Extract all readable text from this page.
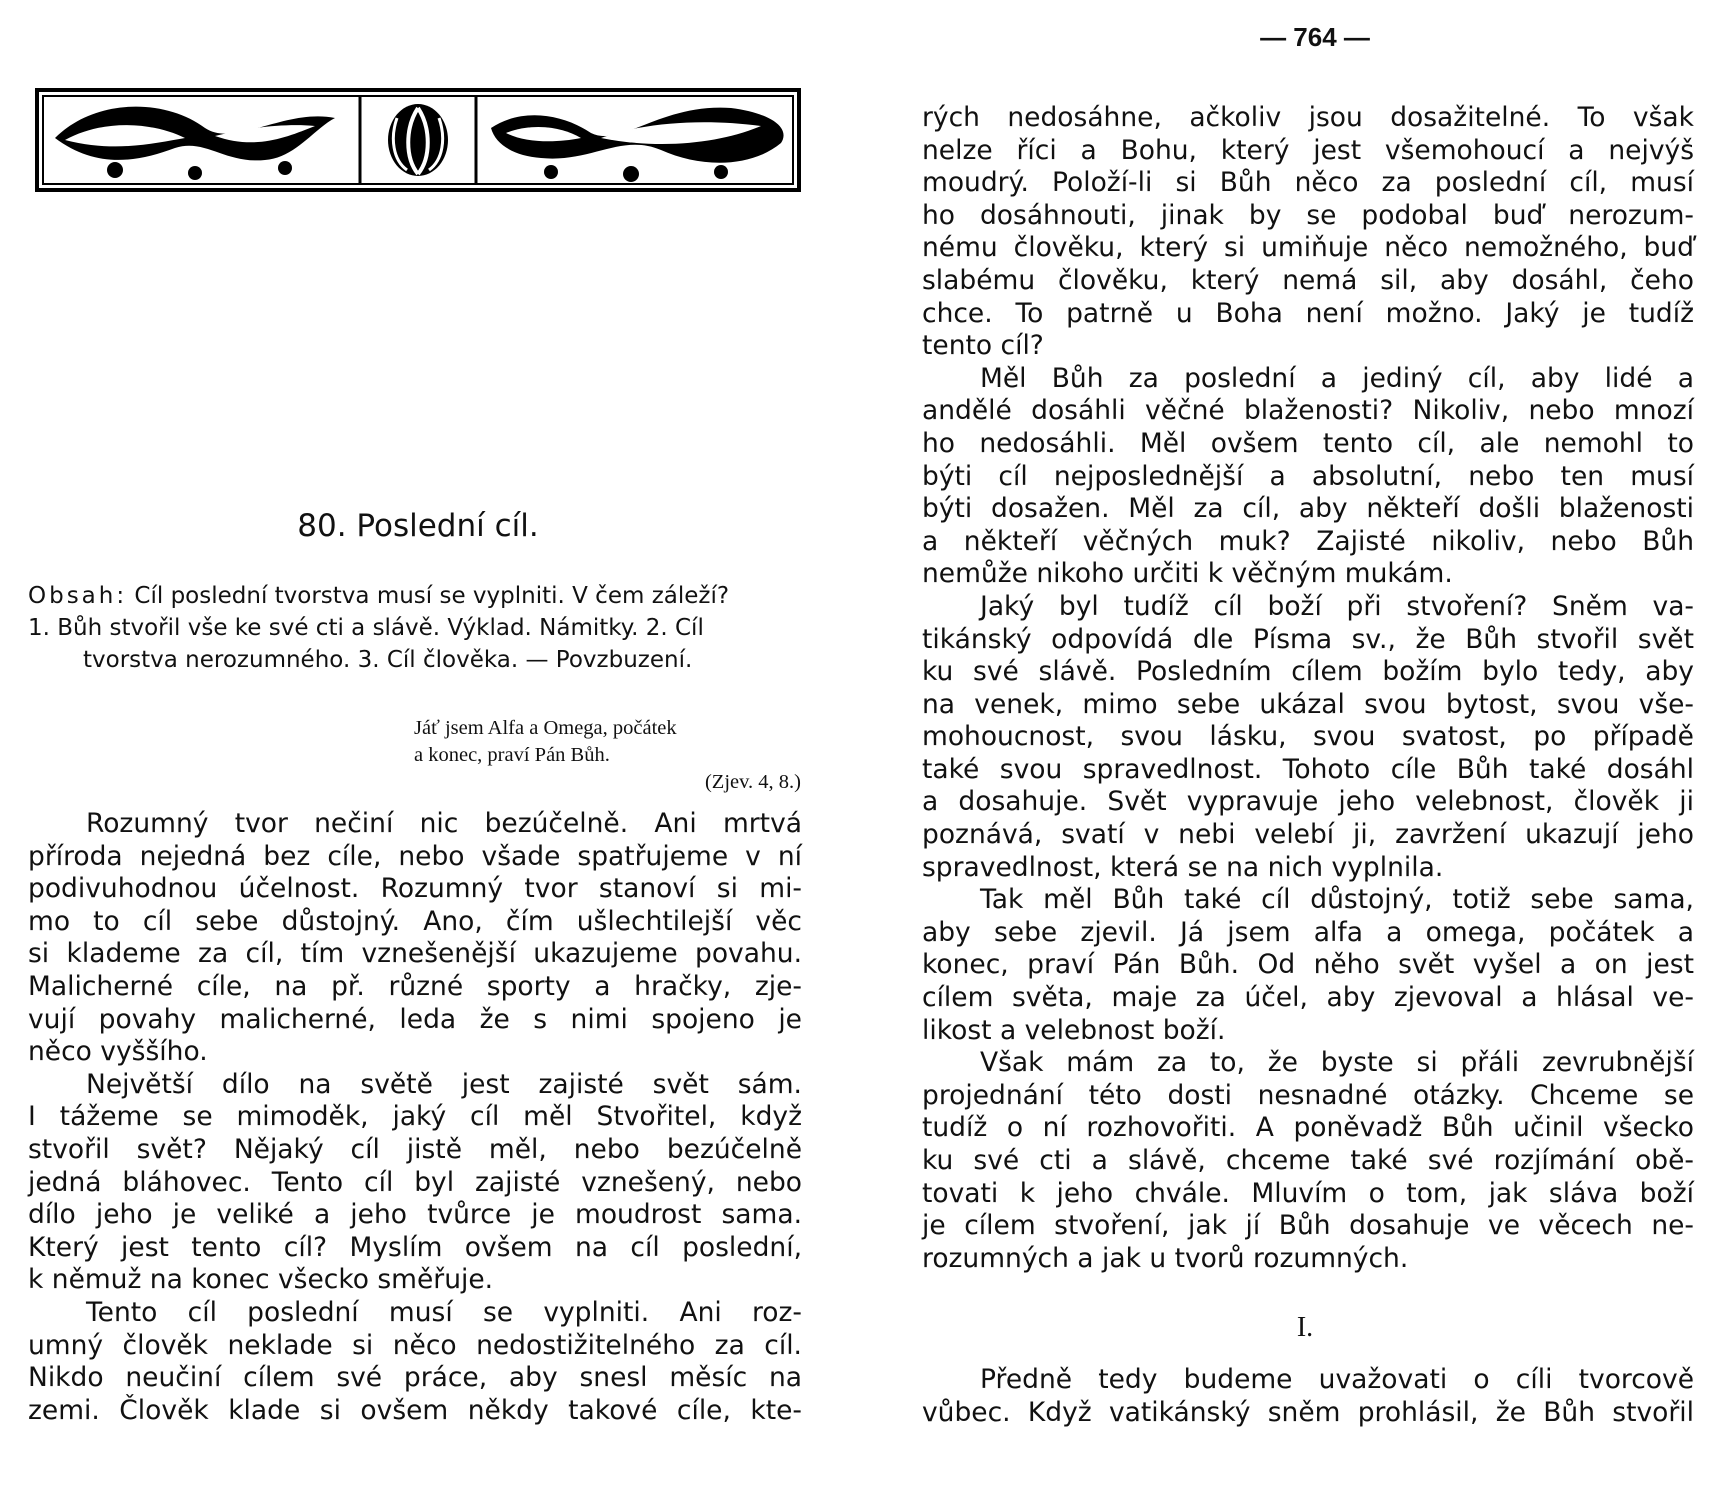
— 764 —
80. Poslední cíl.
Obsah: Cíl poslední tvorstva musí se vyplniti. V čem záleží?
1. Bůh stvořil vše ke své cti a slávě. Výklad. Námitky. 2. Cíl
tvorstva nerozumného. 3. Cíl člověka. — Povzbuzení.
Jáť jsem Alfa a Omega, počátek
a konec, praví Pán Bůh.
(Zjev. 4, 8.)
Rozumný tvor nečiní nic bezúčelně. Ani mrtvá
příroda nejedná bez cíle, nebo všade spatřujeme v ní
podivuhodnou účelnost. Rozumný tvor stanoví si mi-
mo to cíl sebe důstojný. Ano, čím ušlechtilejší věc
si klademe za cíl, tím vznešenější ukazujeme povahu.
Malicherné cíle, na př. různé sporty a hračky, zje-
vují povahy malicherné, leda že s nimi spojeno je
něco vyššího.
Největší dílo na světě jest zajisté svět sám.
I tážeme se mimoděk, jaký cíl měl Stvořitel, když
stvořil svět? Nějaký cíl jistě měl, nebo bezúčelně
jedná bláhovec. Tento cíl byl zajisté vznešený, nebo
dílo jeho je veliké a jeho tvůrce je moudrost sama.
Který jest tento cíl? Myslím ovšem na cíl poslední,
k němuž na konec všecko směřuje.
Tento cíl poslední musí se vyplniti. Ani roz-
umný člověk neklade si něco nedostižitelného za cíl.
Nikdo neučiní cílem své práce, aby snesl měsíc na
zemi. Člověk klade si ovšem někdy takové cíle, kte-
rých nedosáhne, ačkoliv jsou dosažitelné. To však
nelze říci a Bohu, který jest všemohoucí a nejvýš
moudrý. Položí-li si Bůh něco za poslední cíl, musí
ho dosáhnouti, jinak by se podobal buď nerozum-
nému člověku, který si umiňuje něco nemožného, buď
slabému člověku, který nemá sil, aby dosáhl, čeho
chce. To patrně u Boha není možno. Jaký je tudíž
tento cíl?
Měl Bůh za poslední a jediný cíl, aby lidé a
andělé dosáhli věčné blaženosti? Nikoliv, nebo mnozí
ho nedosáhli. Měl ovšem tento cíl, ale nemohl to
býti cíl nejposlednější a absolutní, nebo ten musí
býti dosažen. Měl za cíl, aby někteří došli blaženosti
a někteří věčných muk? Zajisté nikoliv, nebo Bůh
nemůže nikoho určiti k věčným mukám.
Jaký byl tudíž cíl boží při stvoření? Sněm va-
tikánský odpovídá dle Písma sv., že Bůh stvořil svět
ku své slávě. Posledním cílem božím bylo tedy, aby
na venek, mimo sebe ukázal svou bytost, svou vše-
mohoucnost, svou lásku, svou svatost, po případě
také svou spravedlnost. Tohoto cíle Bůh také dosáhl
a dosahuje. Svět vypravuje jeho velebnost, člověk ji
poznává, svatí v nebi velebí ji, zavržení ukazují jeho
spravedlnost, která se na nich vyplnila.
Tak měl Bůh také cíl důstojný, totiž sebe sama,
aby sebe zjevil. Já jsem alfa a omega, počátek a
konec, praví Pán Bůh. Od něho svět vyšel a on jest
cílem světa, maje za účel, aby zjevoval a hlásal ve-
likost a velebnost boží.
Však mám za to, že byste si přáli zevrubnější
projednání této dosti nesnadné otázky. Chceme se
tudíž o ní rozhovořiti. A poněvadž Bůh učinil všecko
ku své cti a slávě, chceme také své rozjímání obě-
tovati k jeho chvále. Mluvím o tom, jak sláva boží
je cílem stvoření, jak jí Bůh dosahuje ve věcech ne-
rozumných a jak u tvorů rozumných.
I.
Předně tedy budeme uvažovati o cíli tvorcově
vůbec. Když vatikánský sněm prohlásil, že Bůh stvořil
